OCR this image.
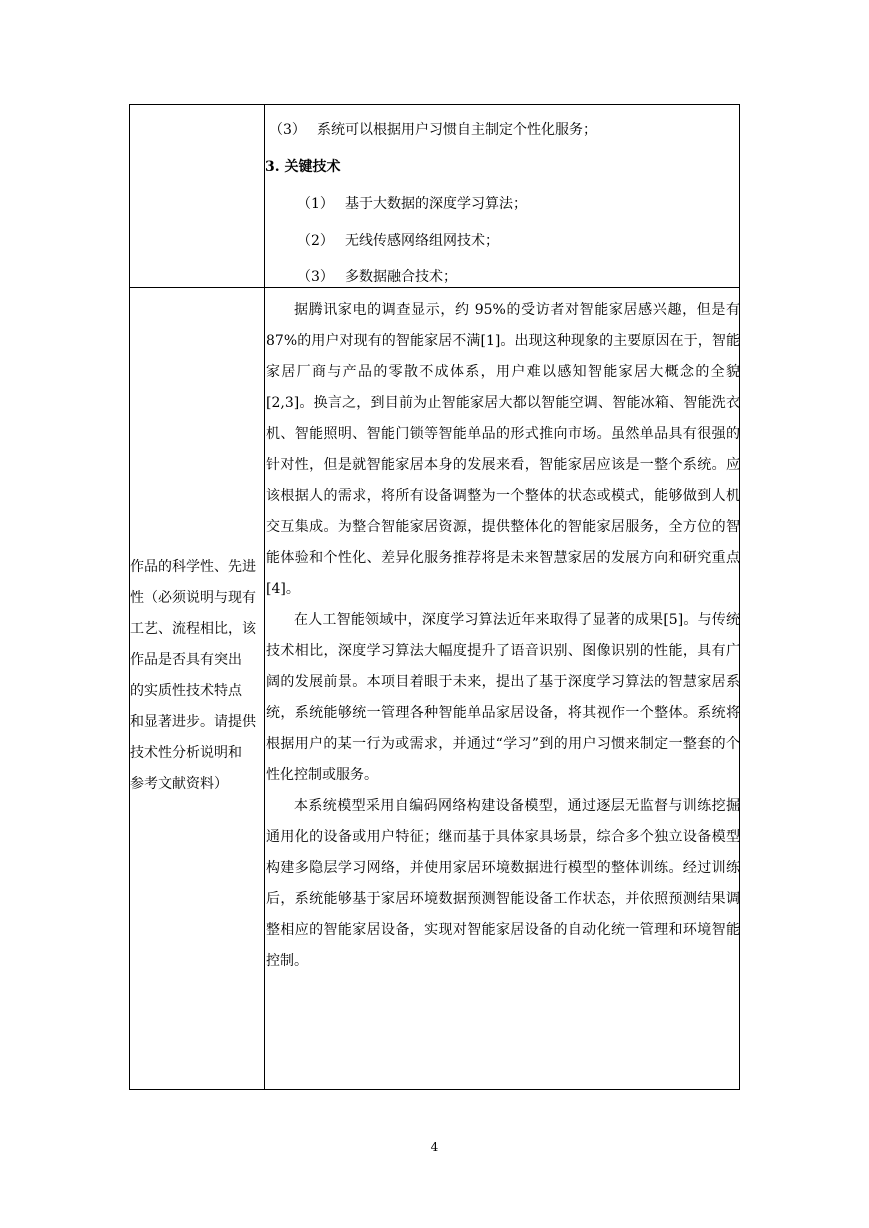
（3） 系统可以根据用户习惯自主制定个性化服务；
3. 关键技术
（1） 基于大数据的深度学习算法；
（2） 无线传感网络组网技术；
（3） 多数据融合技术；
作品的科学性、先进
性（必须说明与现有
工艺、流程相比，该
作品是否具有突出
的实质性技术特点
和显著进步。请提供
技术性分析说明和
参考文献资料）

据腾讯家电的调查显示，约 95%的受访者对智能家居感兴趣，但是有 87%的用户对现有的智能家居不满[1]。出现这种现象的主要原因在于，智能家居厂商与产品的零散不成体系，用户难以感知智能家居大概念的全貌[2,3]。换言之，到目前为止智能家居大都以智能空调、智能冰箱、智能洗衣机、智能照明、智能门锁等智能单品的形式推向市场。虽然单品具有很强的针对性，但是就智能家居本身的发展来看，智能家居应该是一整个系统。应该根据人的需求，将所有设备调整为一个整体的状态或模式，能够做到人机交互集成。为整合智能家居资源，提供整体化的智能家居服务，全方位的智能体验和个性化、差异化服务推荐将是未来智慧家居的发展方向和研究重点[4]。

在人工智能领域中，深度学习算法近年来取得了显著的成果[5]。与传统技术相比，深度学习算法大幅度提升了语音识别、图像识别的性能，具有广阔的发展前景。本项目着眼于未来，提出了基于深度学习算法的智慧家居系统，系统能够统一管理各种智能单品家居设备，将其视作一个整体。系统将根据用户的某一行为或需求，并通过“学习”到的用户习惯来制定一整套的个性化控制或服务。

本系统模型采用自编码网络构建设备模型，通过逐层无监督与训练挖掘通用化的设备或用户特征；继而基于具体家具场景，综合多个独立设备模型构建多隐层学习网络，并使用家居环境数据进行模型的整体训练。经过训练后，系统能够基于家居环境数据预测智能设备工作状态，并依照预测结果调整相应的智能家居设备，实现对智能家居设备的自动化统一管理和环境智能控制。

4
